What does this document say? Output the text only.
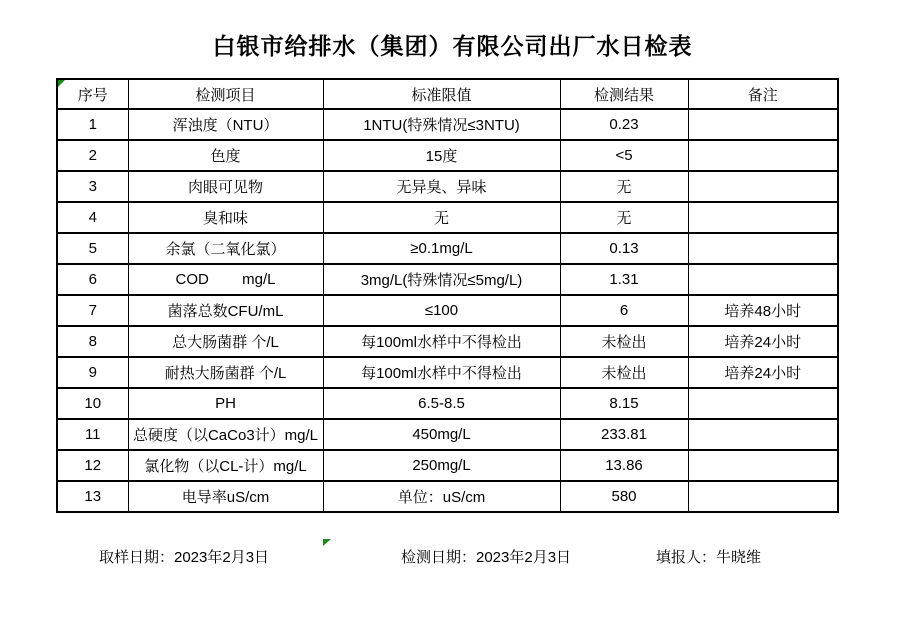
白银市给排水（集团）有限公司出厂水日检表
序号	检测项目	标准限值	检测结果	备注
1	浑浊度（NTU）	1NTU(特殊情况≤3NTU)	0.23	
2	色度	15度	<5	
3	肉眼可见物	无异臭、异味	无	
4	臭和味	无	无	
5	余氯（二氧化氯）	≥0.1mg/L	0.13	
6	COD        mg/L	3mg/L(特殊情况≤5mg/L)	1.31	
7	菌落总数CFU/mL	≤100	6	培养48小时
8	总大肠菌群 个/L	每100ml水样中不得检出	未检出	培养24小时
9	耐热大肠菌群 个/L	每100ml水样中不得检出	未检出	培养24小时
10	PH	6.5-8.5	8.15	
11	总硬度（以CaCo3计）mg/L	450mg/L	233.81	
12	氯化物（以CL-计）mg/L	250mg/L	13.86	
13	电导率uS/cm	单位：uS/cm	580	

取样日期：2023年2月3日

	检测日期：2023年2月3日

	填报人：牛晓维
